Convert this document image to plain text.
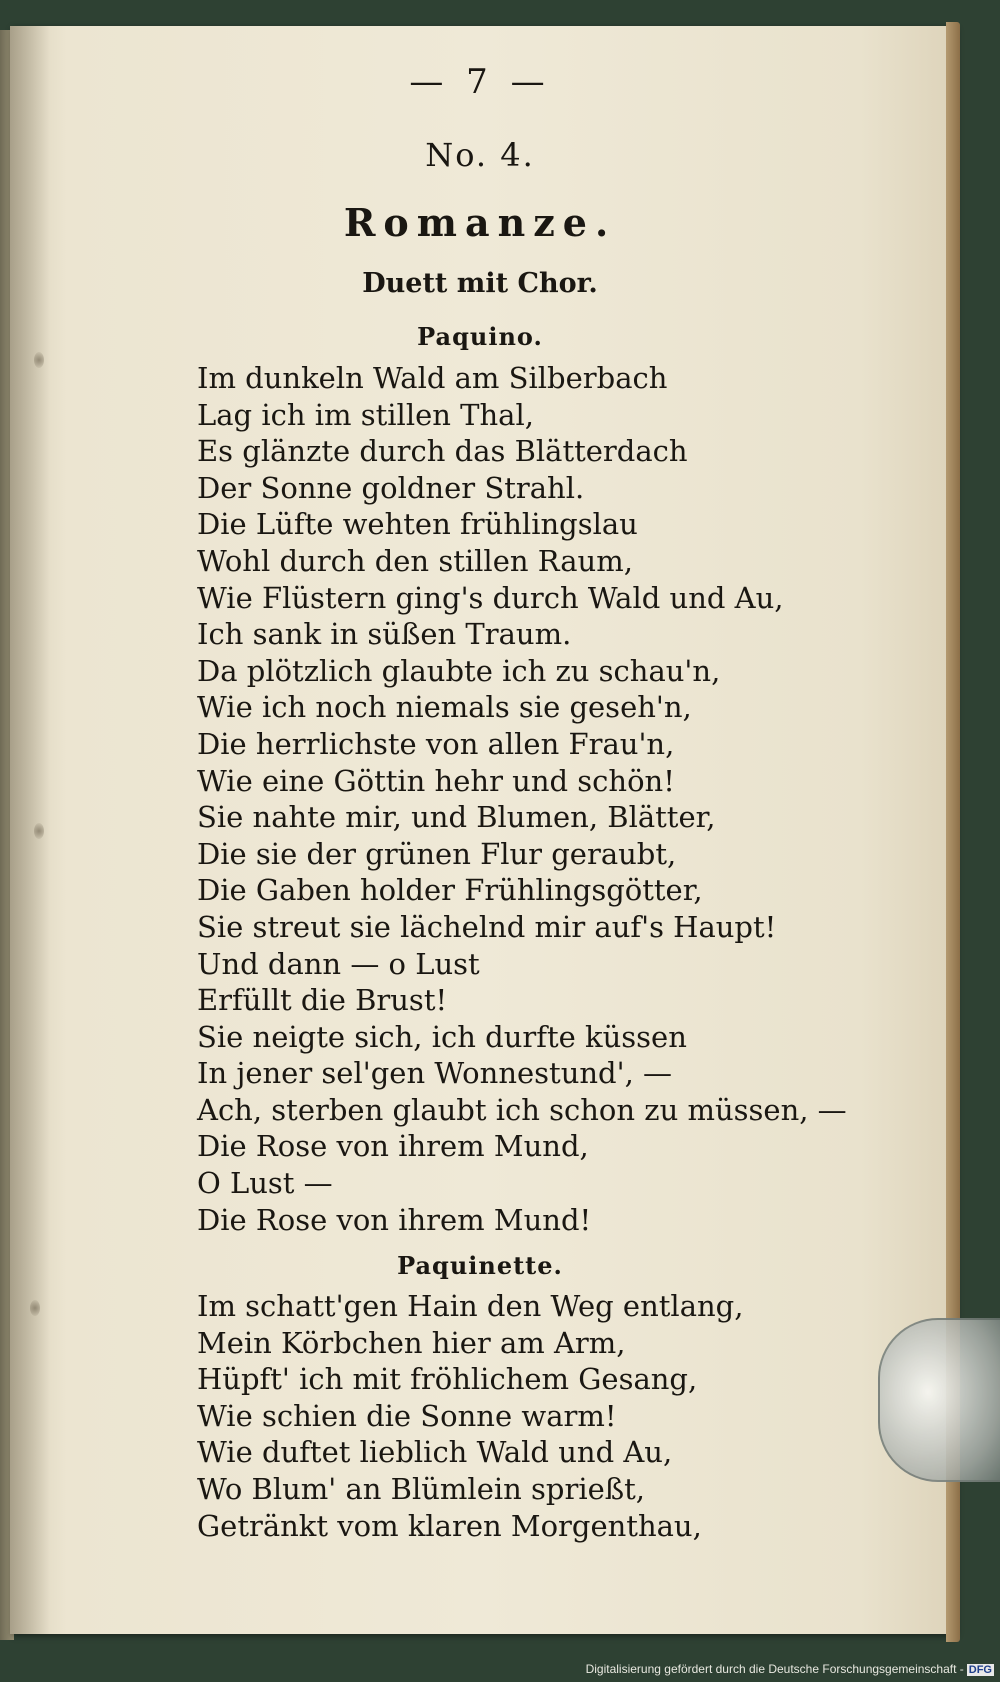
— 7 —
No. 4.
Romanze.
Duett mit Chor.
Paquino.
Im dunkeln Wald am Silberbach
Lag ich im stillen Thal,
Es glänzte durch das Blätterdach
Der Sonne goldner Strahl.
Die Lüfte wehten frühlingslau
Wohl durch den stillen Raum,
Wie Flüstern ging's durch Wald und Au,
Ich sank in süßen Traum.
Da plötzlich glaubte ich zu schau'n,
Wie ich noch niemals sie geseh'n,
Die herrlichste von allen Frau'n,
Wie eine Göttin hehr und schön!
Sie nahte mir, und Blumen, Blätter,
Die sie der grünen Flur geraubt,
Die Gaben holder Frühlingsgötter,
Sie streut sie lächelnd mir auf's Haupt!
Und dann — o Lust
Erfüllt die Brust!
Sie neigte sich, ich durfte küssen
In jener sel'gen Wonnestund', —
Ach, sterben glaubt ich schon zu müssen, —
Die Rose von ihrem Mund,
O Lust —
Die Rose von ihrem Mund!
Paquinette.
Im schatt'gen Hain den Weg entlang,
Mein Körbchen hier am Arm,
Hüpft' ich mit fröhlichem Gesang,
Wie schien die Sonne warm!
Wie duftet lieblich Wald und Au,
Wo Blum' an Blümlein sprießt,
Getränkt vom klaren Morgenthau,
Digitalisierung gefördert durch die Deutsche Forschungsgemeinschaft - DFG
